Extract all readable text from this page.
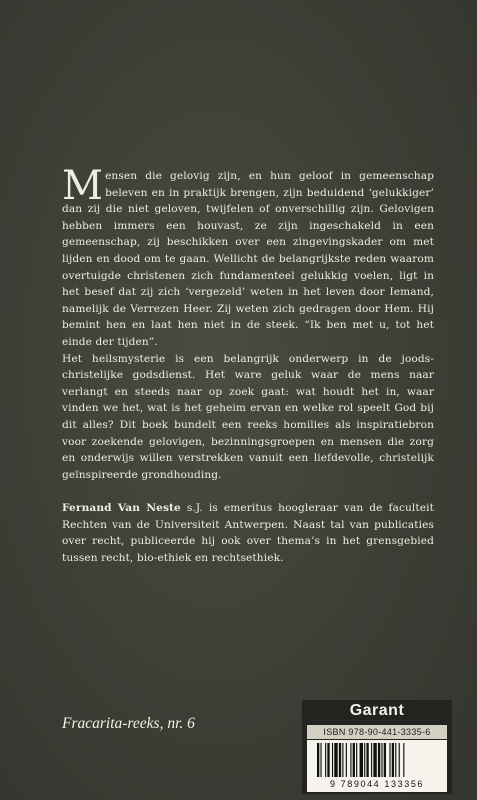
Mensen die gelovig zijn, en hun geloof in gemeenschap beleven en in praktijk brengen, zijn beduidend ‘gelukkiger’ dan zij die niet geloven, twijfelen of onverschillig zijn. Gelovigen hebben immers een houvast, ze zijn ingeschakeld in een gemeenschap, zij beschikken over een zingevingskader om met lijden en dood om te gaan. Wellicht de belangrijkste reden waarom overtuigde christenen zich fundamenteel gelukkig voelen, ligt in het besef dat zij zich ‘vergezeld’ weten in het leven door Iemand, namelijk de Verrezen Heer. Zij weten zich gedragen door Hem. Hij bemint hen en laat hen niet in de steek. “Ik ben met u, tot het einde der tijden”.

Het heilsmysterie is een belangrijk onderwerp in de joods-christelijke godsdienst. Het ware geluk waar de mens naar verlangt en steeds naar op zoek gaat: wat houdt het in, waar vinden we het, wat is het geheim ervan en welke rol speelt God bij dit alles? Dit boek bundelt een reeks homilies als inspiratiebron voor zoekende gelovigen, bezinningsgroepen en mensen die zorg en onderwijs willen verstrekken vanuit een liefdevolle, christelijk geïnspireerde grondhouding.

Fernand Van Neste s.J. is emeritus hoogleraar van de faculteit Rechten van de Universiteit Antwerpen. Naast tal van publicaties over recht, publiceerde hij ook over thema’s in het grensgebied tussen recht, bio-ethiek en rechtsethiek.

Fracarita-reeks, nr. 6
Garant
ISBN 978-90-441-3335-6
9 789044 133356
